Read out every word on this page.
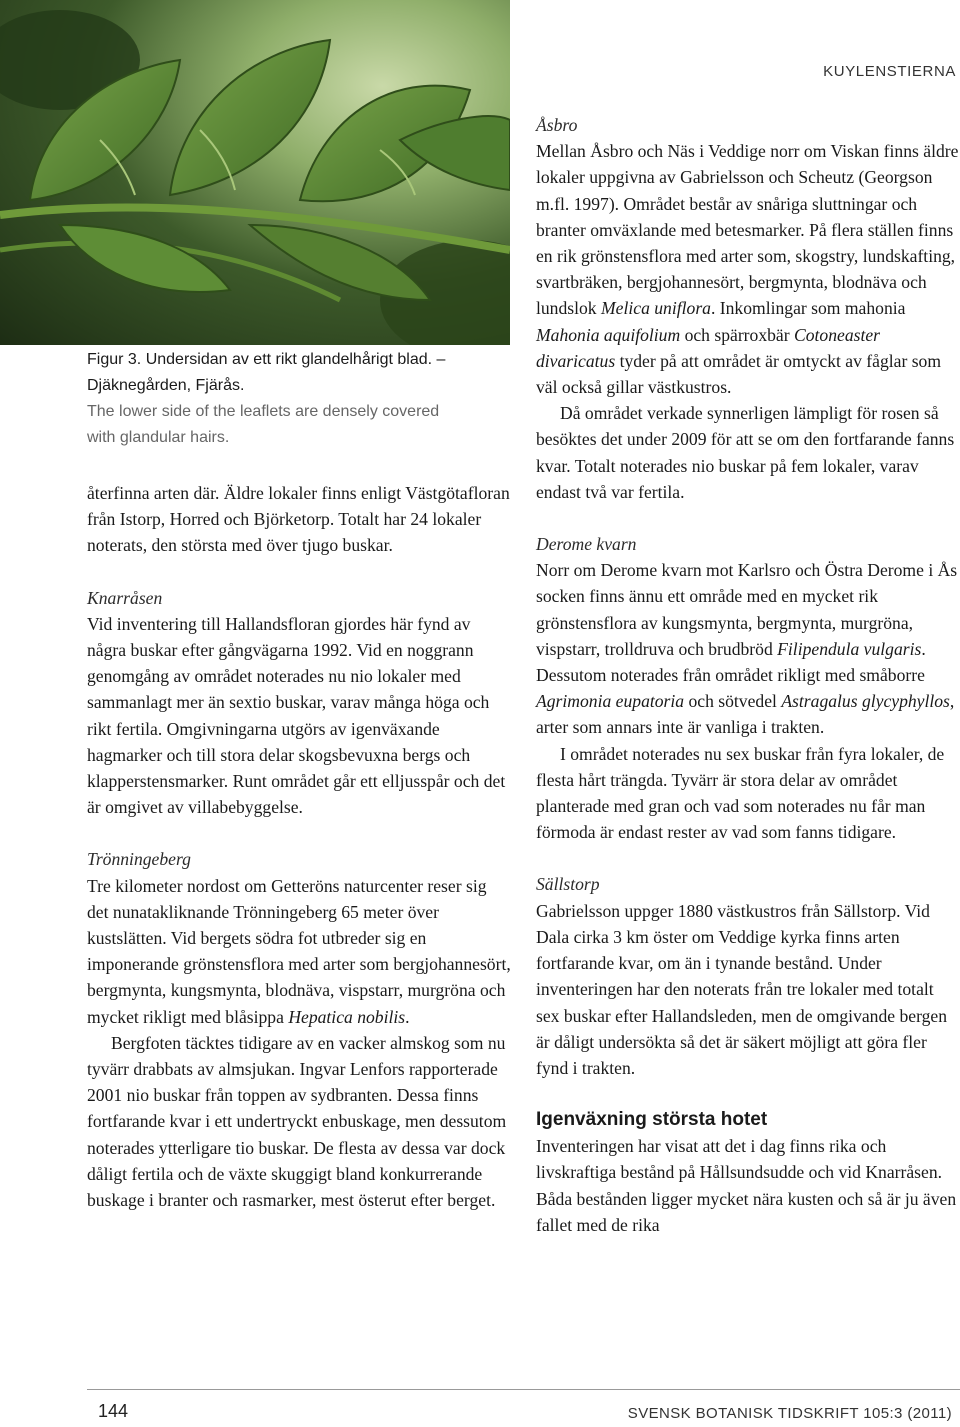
KUYLENSTIERNA
Figur 3. Undersidan av ett rikt glandelhårigt blad. –
Djäknegården, Fjärås.
The lower side of the leaflets are densely covered
with glandular hairs.

återfinna arten där. Äldre lokaler finns enligt Västgötafloran från Istorp, Horred och Björketorp. Totalt har 24 lokaler noterats, den största med över tjugo buskar.

Knarråsen

Vid inventering till Hallandsfloran gjordes här fynd av några buskar efter gångvägarna 1992. Vid en noggrann genomgång av området noterades nu nio lokaler med sammanlagt mer än sextio buskar, varav många höga och rikt fertila. Omgivningarna utgörs av igenväxande hagmarker och till stora delar skogsbevuxna bergs och klapperstensmarker. Runt området går ett elljusspår och det är omgivet av villabebyggelse.

Trönningeberg

Tre kilometer nordost om Getteröns naturcenter reser sig det nunatakliknande Trönningeberg 65 meter över kustslätten. Vid bergets södra fot utbreder sig en imponerande grönstensflora med arter som bergjohannesört, bergmynta, kungsmynta, blodnäva, vispstarr, murgröna och mycket rikligt med blåsippa Hepatica nobilis.

Bergfoten täcktes tidigare av en vacker almskog som nu tyvärr drabbats av almsjukan. Ingvar Lenfors rapporterade 2001 nio buskar från toppen av sydbranten. Dessa finns fortfarande kvar i ett undertryckt enbuskage, men dessutom noterades ytterligare tio buskar. De flesta av dessa var dock dåligt fertila och de växte skuggigt bland konkurrerande buskage i branter och rasmarker, mest österut efter berget.

Åsbro

Mellan Åsbro och Näs i Veddige norr om Viskan finns äldre lokaler uppgivna av Gabrielsson och Scheutz (Georgson m.fl. 1997). Området består av snåriga sluttningar och branter omväxlande med betesmarker. På flera ställen finns en rik grönstensflora med arter som, skogstry, lundskafting, svartbräken, bergjohannesört, bergmynta, blodnäva och lundslok Melica uniflora. Inkomlingar som mahonia Mahonia aquifolium och spärroxbär Cotoneaster divaricatus tyder på att området är omtyckt av fåglar som väl också gillar västkustros.

Då området verkade synnerligen lämpligt för rosen så besöktes det under 2009 för att se om den fortfarande fanns kvar. Totalt noterades nio buskar på fem lokaler, varav endast två var fertila.

Derome kvarn

Norr om Derome kvarn mot Karlsro och Östra Derome i Ås socken finns ännu ett område med en mycket rik grönstensflora av kungsmynta, bergmynta, murgröna, vispstarr, trolldruva och brudbröd Filipendula vulgaris. Dessutom noterades från området rikligt med småborre Agrimonia eupatoria och sötvedel Astragalus glycyphyllos, arter som annars inte är vanliga i trakten.

I området noterades nu sex buskar från fyra lokaler, de flesta hårt trängda. Tyvärr är stora delar av området planterade med gran och vad som noterades nu får man förmoda är endast rester av vad som fanns tidigare.

Sällstorp

Gabrielsson uppger 1880 västkustros från Sällstorp. Vid Dala cirka 3 km öster om Veddige kyrka finns arten fortfarande kvar, om än i tynande bestånd. Under inventeringen har den noterats från tre lokaler med totalt sex buskar efter Hallandsleden, men de omgivande bergen är dåligt undersökta så det är säkert möjligt att göra fler fynd i trakten.

Igenväxning största hotet

Inventeringen har visat att det i dag finns rika och livskraftiga bestånd på Hållsundsudde och vid Knarråsen. Båda bestånden ligger mycket nära kusten och så är ju även fallet med de rika

144	SVENSK BOTANISK TIDSKRIFT 105:3 (2011)
